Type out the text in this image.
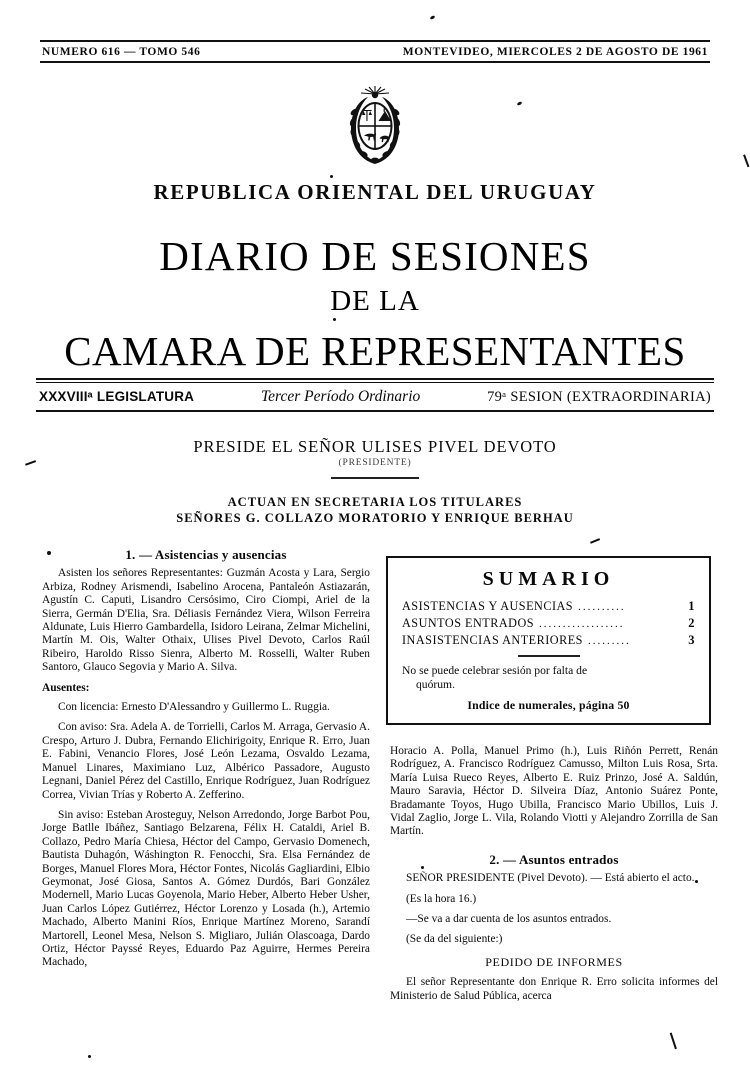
NUMERO 616 — TOMO 546	MONTEVIDEO, MIERCOLES 2 DE AGOSTO DE 1961
REPUBLICA ORIENTAL DEL URUGUAY
DIARIO DE SESIONES
DE LA
CAMARA DE REPRESENTANTES
XXXVIIIᵃ LEGISLATURA	Tercer Período Ordinario	79ᵃ SESION (EXTRAORDINARIA)
PRESIDE EL SEÑOR ULISES PIVEL DEVOTO
(PRESIDENTE)
ACTUAN EN SECRETARIA LOS TITULARES
SEÑORES G. COLLAZO MORATORIO Y ENRIQUE BERHAU
1. — Asistencias y ausencias

Asisten los señores Representantes: Guzmán Acosta y Lara, Sergio Arbiza, Rodney Arismendi, Isabelino Arocena, Pantaleón Astiazarán, Agustín C. Caputi, Lisandro Cersósimo, Ciro Ciompi, Ariel de la Sierra, Germán D'Elia, Sra. Déliasis Fernández Viera, Wilson Ferreira Aldunate, Luis Hierro Gambardella, Isidoro Leirana, Zelmar Michelini, Martín M. Ois, Walter Othaix, Ulises Pivel Devoto, Carlos Raúl Ribeiro, Haroldo Risso Sienra, Alberto M. Rosselli, Walter Ruben Santoro, Glauco Segovia y Mario A. Silva.

Ausentes:

Con licencia: Ernesto D'Alessandro y Guillermo L. Ruggia.

Con aviso: Sra. Adela A. de Torrielli, Carlos M. Arraga, Gervasio A. Crespo, Arturo J. Dubra, Fernando Elichirigoity, Enrique R. Erro, Juan E. Fabini, Venancio Flores, José León Lezama, Osvaldo Lezama, Manuel Linares, Maximiano Luz, Albérico Passadore, Augusto Legnani, Daniel Pérez del Castillo, Enrique Rodríguez, Juan Rodríguez Correa, Vivian Trías y Roberto A. Zefferino.

Sin aviso: Esteban Arosteguy, Nelson Arredondo, Jorge Barbot Pou, Jorge Batlle Ibáñez, Santiago Belzarena, Félix H. Cataldi, Ariel B. Collazo, Pedro María Chiesa, Héctor del Campo, Gervasio Domenech, Bautista Duhagón, Wáshington R. Fenocchi, Sra. Elsa Fernández de Borges, Manuel Flores Mora, Héctor Fontes, Nicolás Gagliardini, Elbio Geymonat, José Giosa, Santos A. Gómez Durdós, Bari González Modernell, Mario Lucas Goyenola, Mario Heber, Alberto Heber Usher, Juan Carlos López Gutiérrez, Héctor Lorenzo y Losada (h.), Artemio Machado, Alberto Manini Ríos, Enrique Martínez Moreno, Sarandí Martorell, Leonel Mesa, Nelson S. Migliaro, Julián Olascoaga, Dardo Ortiz, Héctor Payssé Reyes, Eduardo Paz Aguirre, Hermes Pereira Machado,

SUMARIO
ASISTENCIAS Y AUSENCIAS ..........	1
ASUNTOS ENTRADOS ..................	2
INASISTENCIAS ANTERIORES .........	3
No se puede celebrar sesión por falta de
quórum.
Indice de numerales, página 50

Horacio A. Polla, Manuel Primo (h.), Luis Riñón Perrett, Renán Rodríguez, A. Francisco Rodríguez Camusso, Milton Luis Rosa, Srta. María Luisa Rueco Reyes, Alberto E. Ruiz Prinzo, José A. Saldún, Mauro Saravia, Héctor D. Silveira Díaz, Antonio Suárez Ponte, Bradamante Toyos, Hugo Ubilla, Francisco Mario Ubillos, Luis J. Vidal Zaglio, Jorge L. Vila, Rolando Viotti y Alejandro Zorrilla de San Martín.

2. — Asuntos entrados

SEÑOR PRESIDENTE (Pivel Devoto). — Está abierto el acto.

(Es la hora 16.)

—Se va a dar cuenta de los asuntos entrados.

(Se da del siguiente:)

PEDIDO DE INFORMES

El señor Representante don Enrique R. Erro solicita informes del Ministerio de Salud Pública, acerca
